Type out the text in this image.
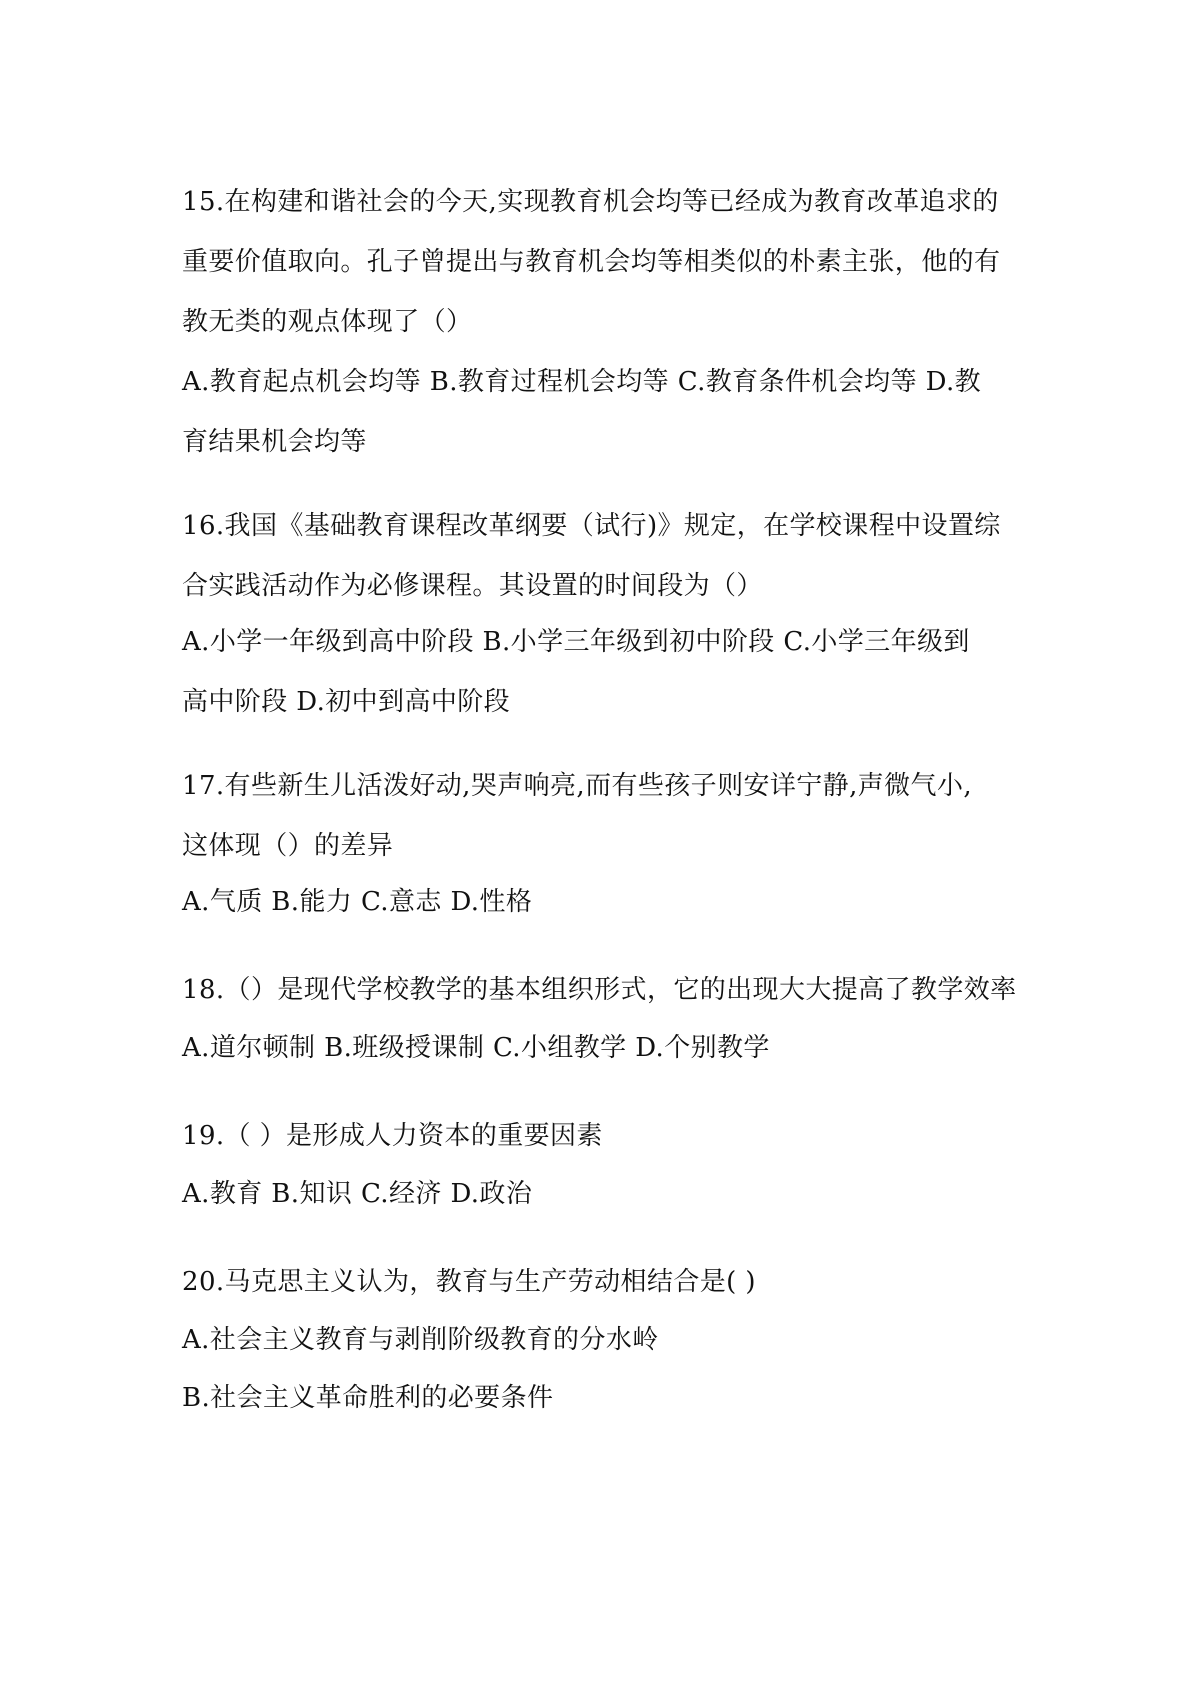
15.在构建和谐社会的今天,实现教育机会均等已经成为教育改革追求的
重要价值取向。孔子曾提出与教育机会均等相类似的朴素主张，他的有
教无类的观点体现了（）
A.教育起点机会均等 B.教育过程机会均等 C.教育条件机会均等 D.教
育结果机会均等
16.我国《基础教育课程改革纲要（试行)》规定，在学校课程中设置综
合实践活动作为必修课程。其设置的时间段为（）
A.小学一年级到高中阶段 B.小学三年级到初中阶段 C.小学三年级到
高中阶段 D.初中到高中阶段
17.有些新生儿活泼好动,哭声响亮,而有些孩子则安详宁静,声微气小,
这体现（）的差异
A.气质 B.能力 C.意志 D.性格
18.（）是现代学校教学的基本组织形式，它的出现大大提高了教学效率
A.道尔顿制 B.班级授课制 C.小组教学 D.个别教学
19.（ ）是形成人力资本的重要因素
A.教育 B.知识 C.经济 D.政治
20.马克思主义认为，教育与生产劳动相结合是( )
A.社会主义教育与剥削阶级教育的分水岭
B.社会主义革命胜利的必要条件
